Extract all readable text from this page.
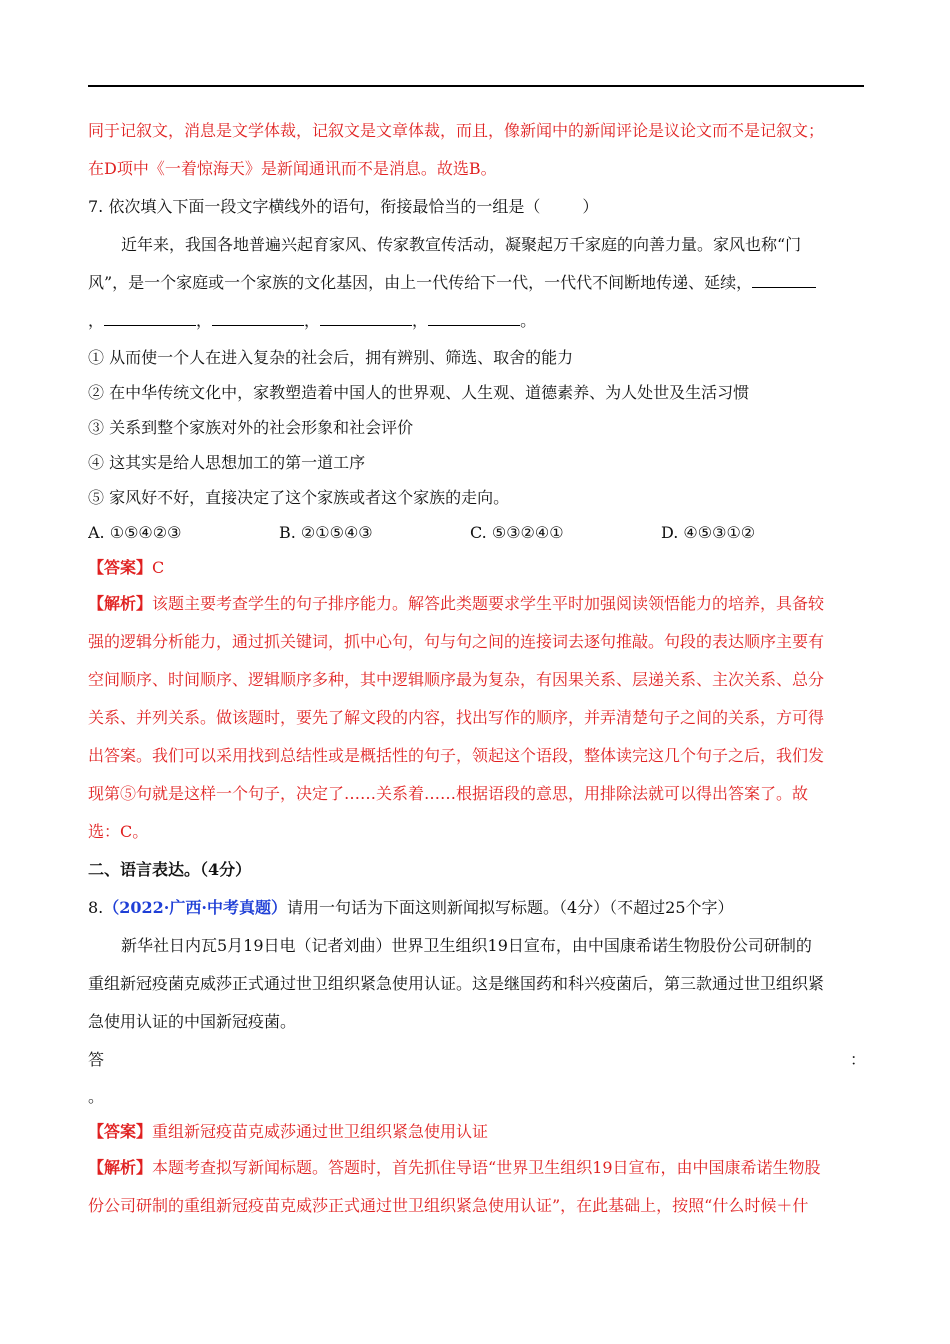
同于记叙文，消息是文学体裁，记叙文是文章体裁，而且，像新闻中的新闻评论是议论文而不是记叙文；
在D项中《一着惊海天》是新闻通讯而不是消息。故选B。
7. 依次填入下面一段文字横线外的语句，衔接最恰当的一组是（	）
近年来，我国各地普遍兴起育家风、传家教宣传活动，凝聚起万千家庭的向善力量。家风也称“门
风”，是一个家庭或一个家族的文化基因，由上一代传给下一代，一代代不间断地传递、延续，
，	，	，	，	。
① 从而使一个人在进入复杂的社会后，拥有辨别、筛选、取舍的能力
② 在中华传统文化中，家教塑造着中国人的世界观、人生观、道德素养、为人处世及生活习惯
③ 关系到整个家族对外的社会形象和社会评价
④ 这其实是给人思想加工的第一道工序
⑤ 家风好不好，直接决定了这个家族或者这个家族的走向。
A. ①⑤④②③	B. ②①⑤④③	C. ⑤③②④①	D. ④⑤③①②
【答案】C
【解析】该题主要考查学生的句子排序能力。解答此类题要求学生平时加强阅读领悟能力的培养，具备较
强的逻辑分析能力，通过抓关键词，抓中心句，句与句之间的连接词去逐句推敲。句段的表达顺序主要有
空间顺序、时间顺序、逻辑顺序多种，其中逻辑顺序最为复杂，有因果关系、层递关系、主次关系、总分
关系、并列关系。做该题时，要先了解文段的内容，找出写作的顺序，并弄清楚句子之间的关系，方可得
出答案。我们可以采用找到总结性或是概括性的句子，领起这个语段，整体读完这几个句子之后，我们发
现第⑤句就是这样一个句子，决定了……关系着……根据语段的意思，用排除法就可以得出答案了。故
选：C。
二、语言表达。（4分）
8.（2022·广西·中考真题）请用一句话为下面这则新闻拟写标题。（4分）（不超过25个字）
新华社日内瓦5月19日电（记者刘曲）世界卫生组织19日宣布，由中国康希诺生物股份公司研制的
重组新冠疫菌克威莎正式通过世卫组织紧急使用认证。这是继国药和科兴疫菌后，第三款通过世卫组织紧
急使用认证的中国新冠疫菌。
答	：
。
【答案】重组新冠疫苗克威莎通过世卫组织紧急使用认证
【解析】本题考查拟写新闻标题。答题时，首先抓住导语“世界卫生组织19日宣布，由中国康希诺生物股
份公司研制的重组新冠疫苗克威莎正式通过世卫组织紧急使用认证”，在此基础上，按照“什么时候＋什
